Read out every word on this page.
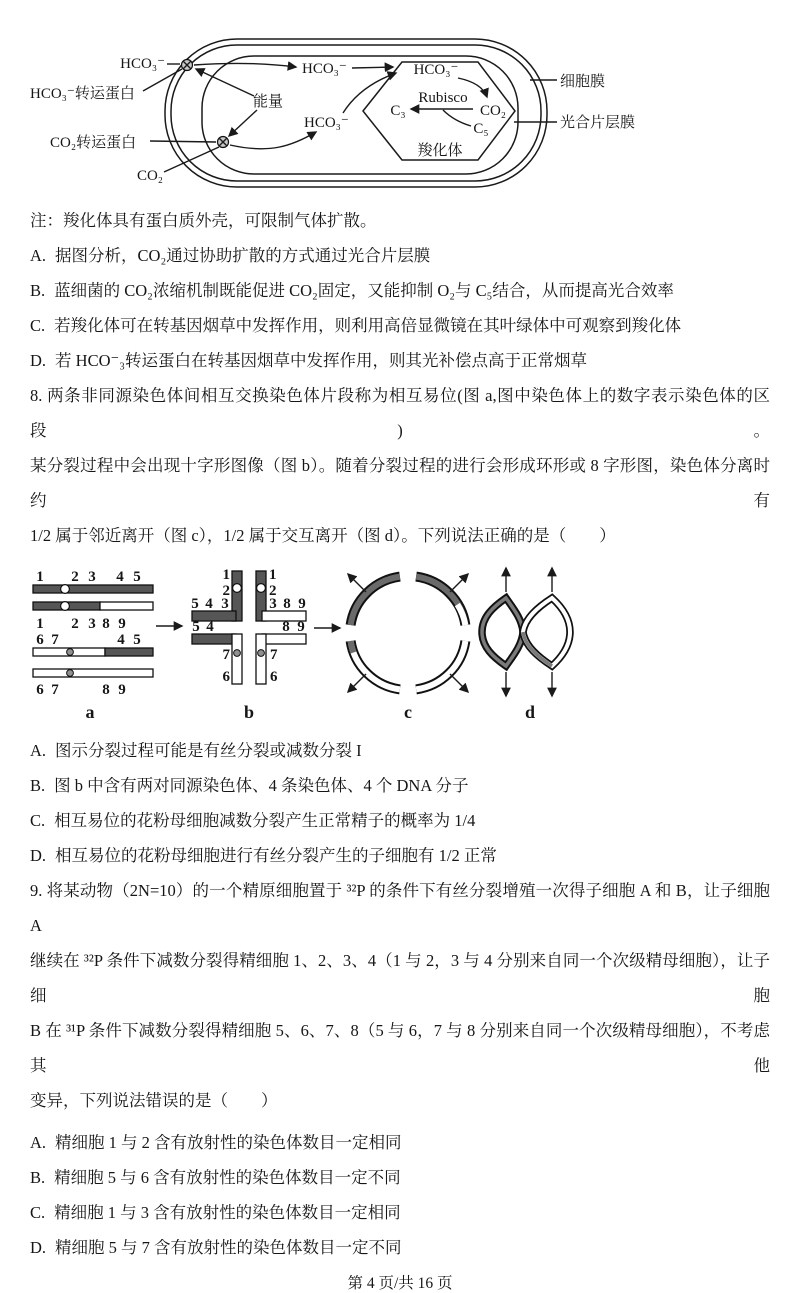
HCO₃⁻
HCO₃⁻转运蛋白	能量
CO₂转运蛋白
CO₂
HCO₃⁻
HCO₃⁻
HCO₃⁻
Rubisco
C₃	CO₂
C₅
羧化体
细胞膜
光合片层膜
注：羧化体具有蛋白质外壳，可限制气体扩散。
A. 据图分析，CO₂通过协助扩散的方式通过光合片层膜
B. 蓝细菌的 CO₂浓缩机制既能促进 CO₂固定，又能抑制 O₂与 C₅结合，从而提高光合效率
C. 若羧化体可在转基因烟草中发挥作用，则利用高倍显微镜在其叶绿体中可观察到羧化体
D. 若 HCO⁻₃转运蛋白在转基因烟草中发挥作用，则其光补偿点高于正常烟草
8. 两条非同源染色体间相互交换染色体片段称为相互易位(图 a,图中染色体上的数字表示染色体的区段)。
某分裂过程中会出现十字形图像（图 b）。随着分裂过程的进行会形成环形或 8 字形图，染色体分离时约有
1/2 属于邻近离开（图 c），1/2 属于交互离开（图 d）。下列说法正确的是（　　）
1 2 3 4 5
1 2 3 8 9
6 7	4 5
6 7	8 9
a
1
2
5 4 3
1
2
3 8 9
5 4	8 9
7
6
7
6
b	c	d
A. 图示分裂过程可能是有丝分裂或减数分裂 I
B. 图 b 中含有两对同源染色体、4 条染色体、4 个 DNA 分子
C. 相互易位的花粉母细胞减数分裂产生正常精子的概率为 1/4
D. 相互易位的花粉母细胞进行有丝分裂产生的子细胞有 1/2 正常
9. 将某动物（2N=10）的一个精原细胞置于 ³²P 的条件下有丝分裂增殖一次得子细胞 A 和 B，让子细胞 A
继续在 ³²P 条件下减数分裂得精细胞 1、2、3、4（1 与 2，3 与 4 分别来自同一个次级精母细胞），让子细胞
B 在 ³¹P 条件下减数分裂得精细胞 5、6、7、8（5 与 6，7 与 8 分别来自同一个次级精母细胞），不考虑其他
变异，下列说法错误的是（　　）
A. 精细胞 1 与 2 含有放射性的染色体数目一定相同
B. 精细胞 5 与 6 含有放射性的染色体数目一定不同
C. 精细胞 1 与 3 含有放射性的染色体数目一定相同
D. 精细胞 5 与 7 含有放射性的染色体数目一定不同
第 4 页/共 16 页
